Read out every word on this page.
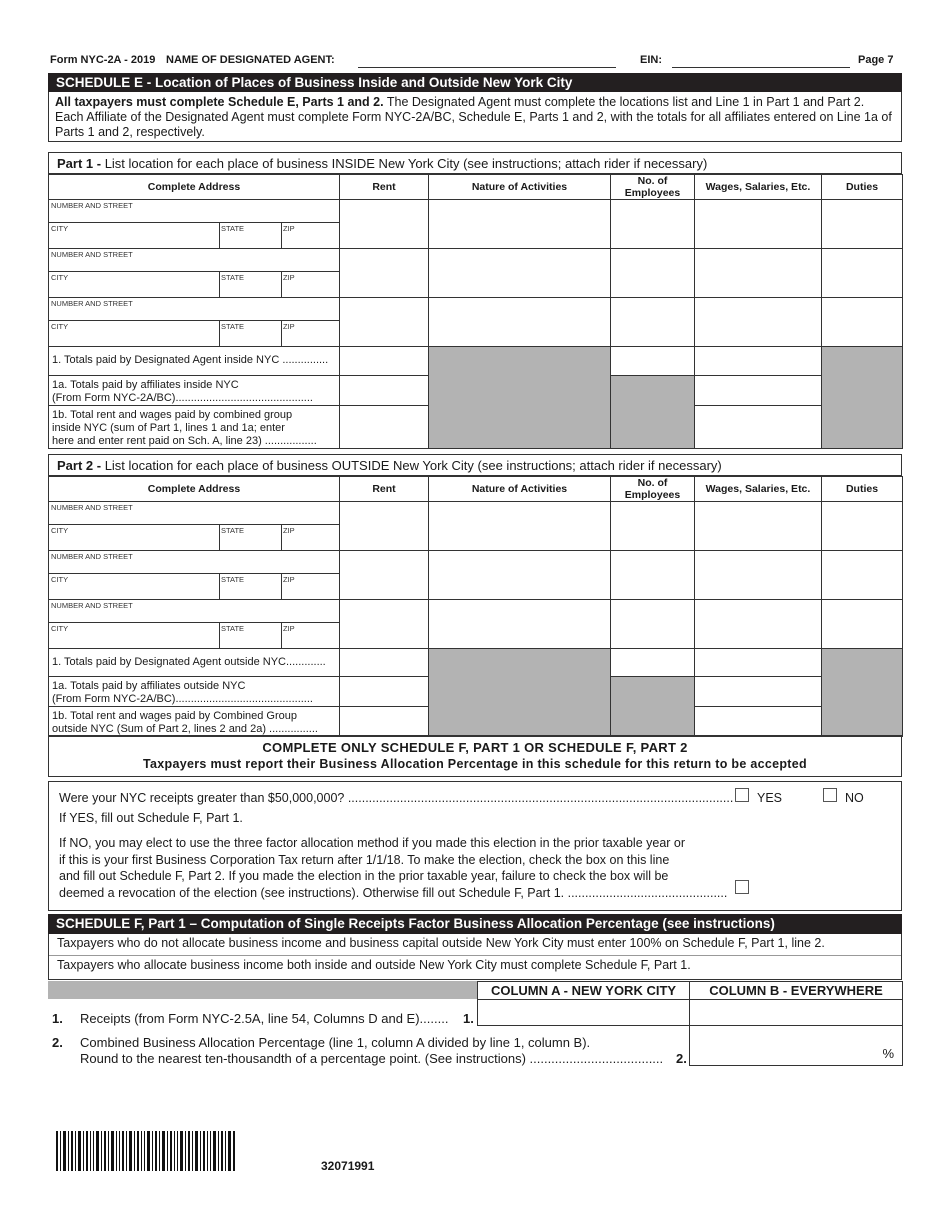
Form NYC-2A - 2019 NAME OF DESIGNATED AGENT:	EIN:	Page 7
SCHEDULE E - Location of Places of Business Inside and Outside New York City
All taxpayers must complete Schedule E, Parts 1 and 2. The Designated Agent must complete the locations list and Line 1 in Part 1 and Part 2. Each Affiliate of the Designated Agent must complete Form NYC-2A/BC, Schedule E, Parts 1 and 2, with the totals for all affiliates entered on Line 1a of Parts 1 and 2, respectively.
Part 1 - List location for each place of business INSIDE New York City (see instructions; attach rider if necessary)
Complete Address	Rent	Nature of Activities	No. of Employees	Wages, Salaries, Etc.	Duties

NUMBER AND STREET
CITY STATE ZIP					

NUMBER AND STREET
CITY STATE ZIP					

NUMBER AND STREET
CITY STATE ZIP					

1. Totals paid by Designated Agent inside NYC ...............					

1a. Totals paid by affiliates inside NYC
(From Form NYC-2A/BC).............................................					

1b. Total rent and wages paid by combined group
inside NYC (sum of Part 1, lines 1 and 1a; enter
here and enter rent paid on Sch. A, line 23) .................					

Part 2 - List location for each place of business OUTSIDE New York City (see instructions; attach rider if necessary)
Complete Address	Rent	Nature of Activities	No. of Employees	Wages, Salaries, Etc.	Duties

NUMBER AND STREET
CITY STATE ZIP					

NUMBER AND STREET
CITY STATE ZIP					

NUMBER AND STREET
CITY STATE ZIP					

1. Totals paid by Designated Agent outside NYC.............					

1a. Totals paid by affiliates outside NYC
(From Form NYC-2A/BC).............................................					

1b. Total rent and wages paid by Combined Group
outside NYC (Sum of Part 2, lines 2 and 2a) ................					

COMPLETE ONLY SCHEDULE F, PART 1 OR SCHEDULE F, PART 2
Taxpayers must report their Business Allocation Percentage in this schedule for this return to be accepted
Were your NYC receipts greater than $50,000,000? ............................................................................................................... YES	NO
If YES, fill out Schedule F, Part 1.
If NO, you may elect to use the three factor allocation method if you made this election in the prior taxable year or
if this is your first Business Corporation Tax return after 1/1/18. To make the election, check the box on this line
and fill out Schedule F, Part 2. If you made the election in the prior taxable year, failure to check the box will be
deemed a revocation of the election (see instructions). Otherwise fill out Schedule F, Part 1. ..............................................
SCHEDULE F, Part 1 – Computation of Single Receipts Factor Business Allocation Percentage (see instructions)
Taxpayers who do not allocate business income and business capital outside New York City must enter 100% on Schedule F, Part 1, line 2.
Taxpayers who allocate business income both inside and outside New York City must complete Schedule F, Part 1.
COLUMN A - NEW YORK CITY	COLUMN B - EVERYWHERE
1. Receipts (from Form NYC-2.5A, line 54, Columns D and E)........ 1.
2. Combined Business Allocation Percentage (line 1, column A divided by line 1, column B).
Round to the nearest ten-thousandth of a percentage point. (See instructions) ..................................... 2.	%
32071991
